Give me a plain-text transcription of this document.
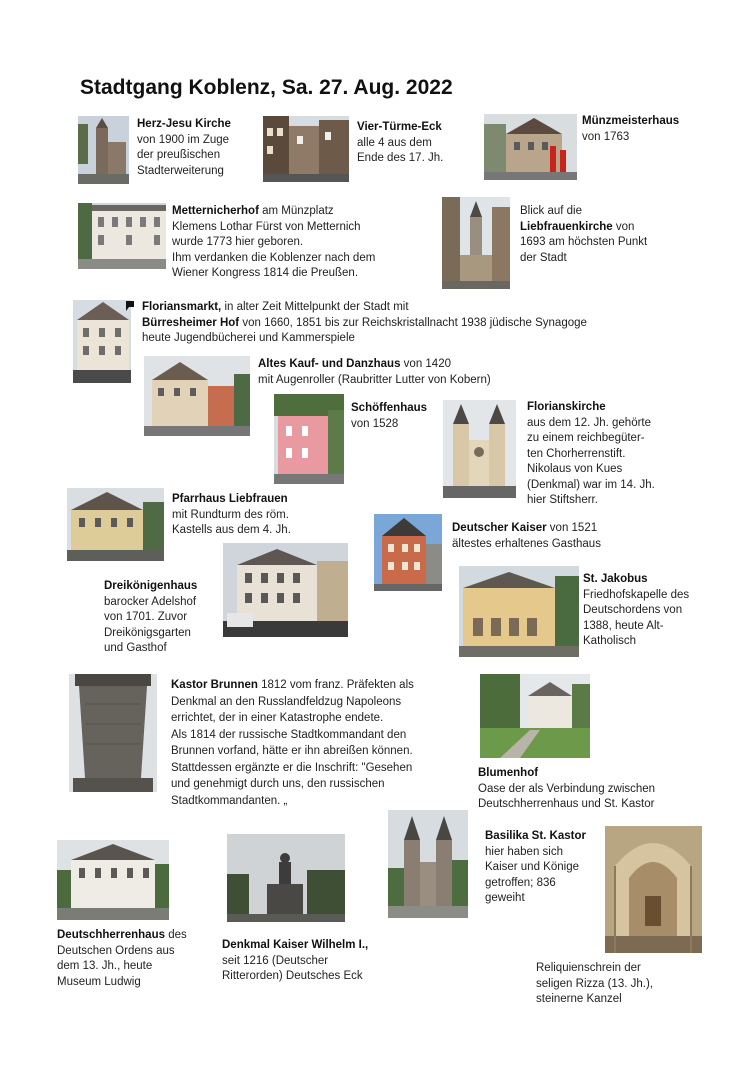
Stadtgang Koblenz, Sa. 27. Aug. 2022
Herz-Jesu Kirche
von 1900 im Zuge
der preußischen
Stadterweiterung
Vier-Türme-Eck
alle 4 aus dem
Ende des 17. Jh.
Münzmeisterhaus
von 1763
Metternicherhof am Münzplatz
Klemens Lothar Fürst von Metternich
wurde 1773 hier geboren.
Ihm verdanken die Koblenzer nach dem
Wiener Kongress 1814 die Preußen.
Blick auf die
Liebfrauenkirche von
1693 am höchsten Punkt
der Stadt
Floriansmarkt, in alter Zeit Mittelpunkt der Stadt mit
Bürresheimer Hof von 1660, 1851 bis zur Reichskristallnacht 1938 jüdische Synagoge
heute Jugendbücherei und Kammerspiele
Altes Kauf- und Danzhaus von 1420
mit Augenroller (Raubritter Lutter von Kobern)
Schöffenhaus
von 1528
Florianskirche
aus dem 12. Jh. gehörte
zu einem reichbegüter-
ten Chorherrenstift.
Nikolaus von Kues
(Denkmal) war im 14. Jh.
hier Stiftsherr.
Pfarrhaus Liebfrauen
mit Rundturm des röm.
Kastells aus dem 4. Jh.	Deutscher Kaiser von 1521
ältestes erhaltenes Gasthaus
Dreikönigenhaus
barocker Adelshof
von 1701. Zuvor
Dreikönigsgarten
und Gasthof
St. Jakobus
Friedhofskapelle des
Deutschordens von
1388, heute Alt-
Katholisch
Kastor Brunnen 1812 vom franz. Präfekten als
Denkmal an den Russlandfeldzug Napoleons
errichtet, der in einer Katastrophe endete.
Als 1814 der russische Stadtkommandant den
Brunnen vorfand, hätte er ihn abreißen können.
Stattdessen ergänzte er die Inschrift: "Gesehen
und genehmigt durch uns, den russischen
Stadtkommandanten. „
Blumenhof
Oase der als Verbindung zwischen
Deutschherrenhaus und St. Kastor
Deutschherrenhaus des
Deutschen Ordens aus
dem 13. Jh., heute
Museum Ludwig
Denkmal Kaiser Wilhelm I.,
seit 1216 (Deutscher
Ritterorden) Deutsches Eck
Basilika St. Kastor
hier haben sich
Kaiser und Könige
getroffen; 836
geweiht
Reliquienschrein der
seligen Rizza (13. Jh.),
steinerne Kanzel
